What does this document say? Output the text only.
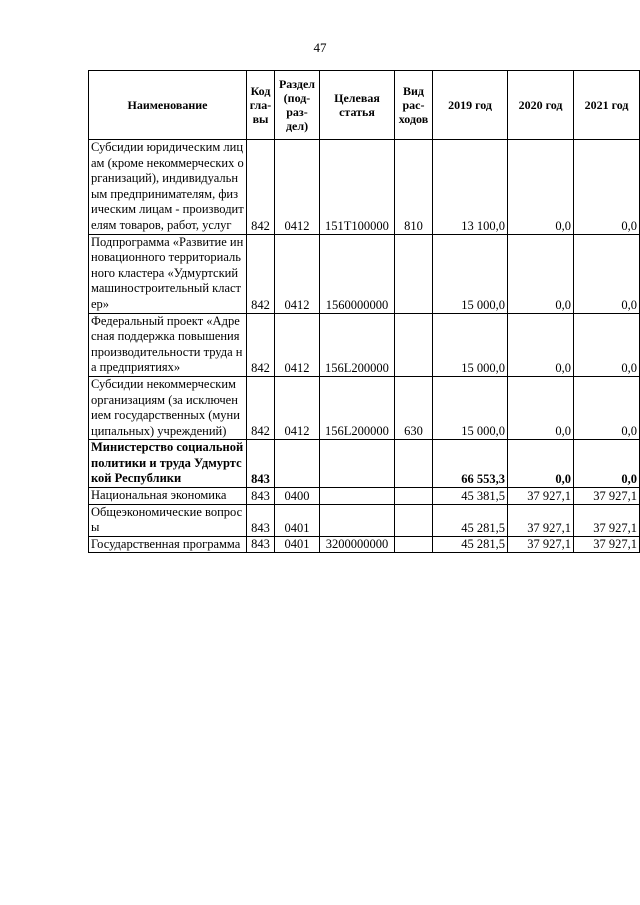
47
Наименование	Код гла-вы	Раздел (под-раз-дел)	Целевая статья	Вид рас-ходов	2019 год	2020 год	2021 год
Субсидии юридическим лицам (кроме некоммерческих организаций), индивидуальным предпринимателям, физическим лицам - производителям товаров, работ, услуг	842	0412	151Т100000	810	13 100,0	0,0	0,0
Подпрограмма «Развитие инновационного территориального кластера «Удмуртский машиностроительный кластер»	842	0412	1560000000		15 000,0	0,0	0,0
Федеральный проект «Адресная поддержка повышения производительности труда на предприятиях»	842	0412	156L200000		15 000,0	0,0	0,0
Субсидии некоммерческим организациям (за исключением государственных (муниципальных) учреждений)	842	0412	156L200000	630	15 000,0	0,0	0,0
Министерство социальной политики и труда Удмуртской Республики	843				66 553,3	0,0	0,0
Национальная экономика	843	0400			45 381,5	37 927,1	37 927,1
Общеэкономические вопросы	843	0401			45 281,5	37 927,1	37 927,1
Государственная программа	843	0401	3200000000		45 281,5	37 927,1	37 927,1
